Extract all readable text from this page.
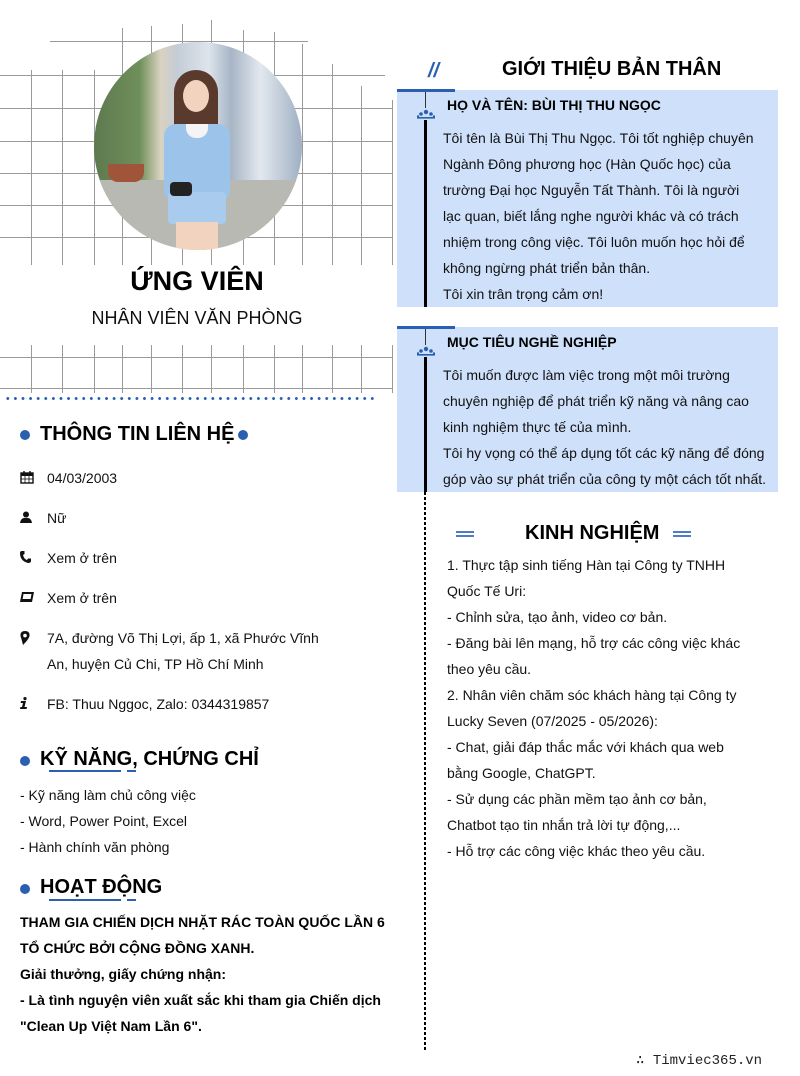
ỨNG VIÊN
NHÂN VIÊN VĂN PHÒNG
THÔNG TIN LIÊN HỆ
04/03/2003
Nữ
Xem ở trên
Xem ở trên
7A, đường Võ Thị Lợi, ấp 1, xã Phước Vĩnh An, huyện Củ Chi, TP Hồ Chí Minh
FB: Thuu Nggoc, Zalo: 0344319857
KỸ NĂNG, CHỨNG CHỈ
- Kỹ năng làm chủ công việc
- Word, Power Point, Excel
- Hành chính văn phòng
HOẠT ĐỘNG
THAM GIA CHIẾN DỊCH NHẶT RÁC TOÀN QUỐC LẦN 6
TỔ CHỨC BỞI CỘNG ĐỒNG XANH.
Giải thưởng, giấy chứng nhận:
- Là tình nguyện viên xuất sắc khi tham gia Chiến dịch
"Clean Up Việt Nam Lần 6".
//	GIỚI THIỆU BẢN THÂN
HỌ VÀ TÊN: BÙI THỊ THU NGỌC
Tôi tên là Bùi Thị Thu Ngọc. Tôi tốt nghiệp chuyên
Ngành Đông phương học (Hàn Quốc học) của
trường Đại học Nguyễn Tất Thành. Tôi là người
lạc quan, biết lắng nghe người khác và có trách
nhiệm trong công việc. Tôi luôn muốn học hỏi để
không ngừng phát triển bản thân.
Tôi xin trân trọng cảm ơn!
MỤC TIÊU NGHỀ NGHIỆP
Tôi muốn được làm việc trong một môi trường
chuyên nghiệp để phát triển kỹ năng và nâng cao
kinh nghiệm thực tế của mình.
Tôi hy vọng có thể áp dụng tốt các kỹ năng để đóng
góp vào sự phát triển của công ty một cách tốt nhất.
KINH NGHIỆM
1. Thực tập sinh tiếng Hàn tại Công ty TNHH
Quốc Tế Uri:
- Chỉnh sửa, tạo ảnh, video cơ bản.
- Đăng bài lên mạng, hỗ trợ các công việc khác
theo yêu cầu.
2. Nhân viên chăm sóc khách hàng tại Công ty
Lucky Seven (07/2025 - 05/2026):
- Chat, giải đáp thắc mắc với khách qua web
bằng Google, ChatGPT.
- Sử dụng các phần mềm tạo ảnh cơ bản,
Chatbot tạo tin nhắn trả lời tự động,...
- Hỗ trợ các công việc khác theo yêu cầu.
∴ Timviec365.vn
